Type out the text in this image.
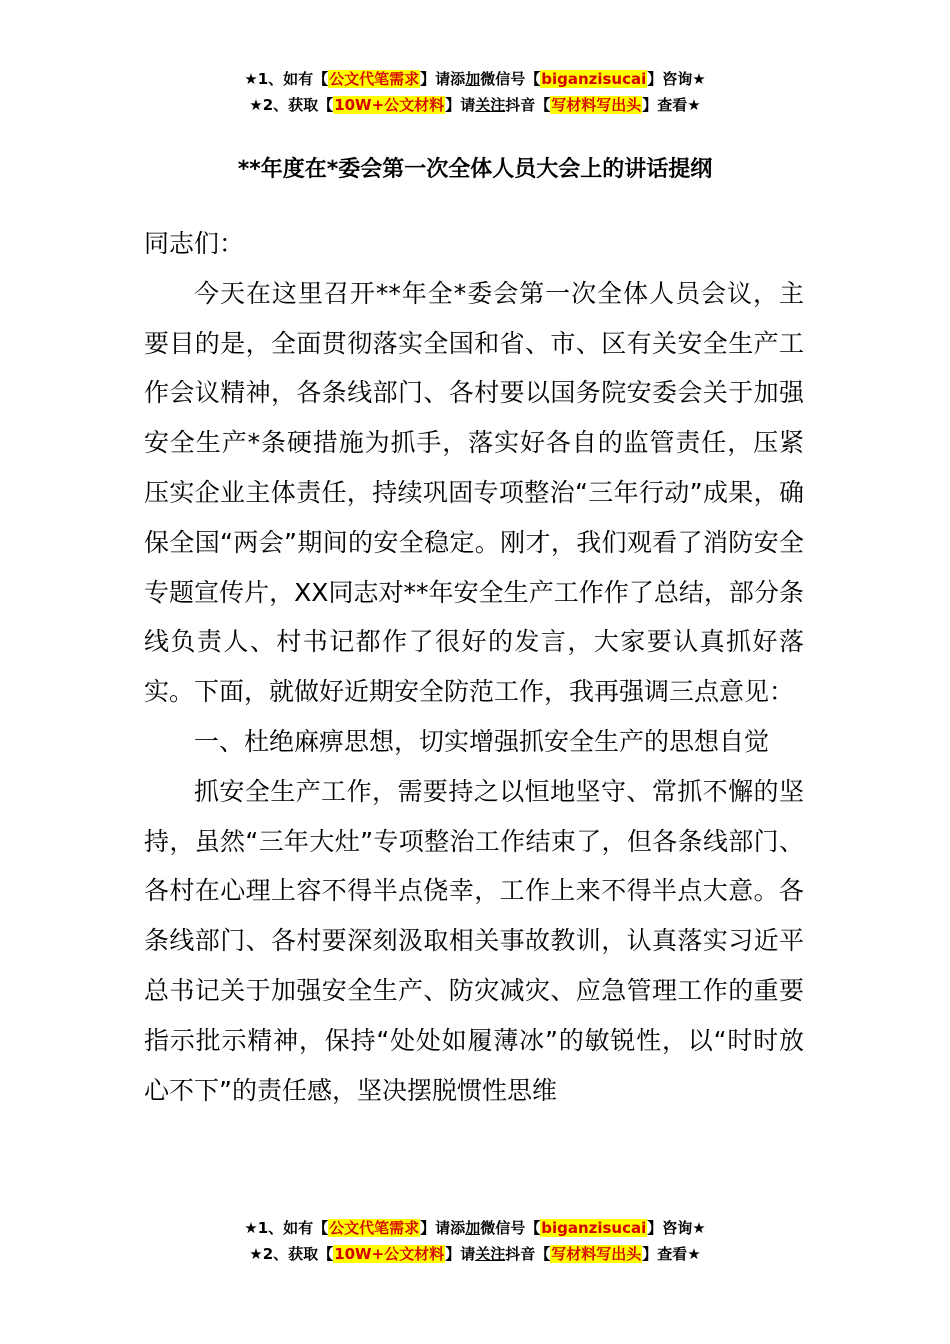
★1、如有【公文代笔需求】请添加微信号【biganzisucai】咨询★
★2、获取【10W+公文材料】请关注抖音【写材料写出头】查看★
**年度在*委会第一次全体人员大会上的讲话提纲

同志们：

今天在这里召开**年全*委会第一次全体人员会议，主要目的是，全面贯彻落实全国和省、市、区有关安全生产工作会议精神，各条线部门、各村要以国务院安委会关于加强安全生产*条硬措施为抓手，落实好各自的监管责任，压紧压实企业主体责任，持续巩固专项整治“三年行动”成果，确保全国“两会”期间的安全稳定。刚才，我们观看了消防安全专题宣传片，XX同志对**年安全生产工作作了总结，部分条线负责人、村书记都作了很好的发言，大家要认真抓好落实。下面，就做好近期安全防范工作，我再强调三点意见：

一、杜绝麻痹思想，切实增强抓安全生产的思想自觉

抓安全生产工作，需要持之以恒地坚守、常抓不懈的坚持，虽然“三年大灶”专项整治工作结束了，但各条线部门、各村在心理上容不得半点侥幸，工作上来不得半点大意。各条线部门、各村要深刻汲取相关事故教训，认真落实习近平总书记关于加强安全生产、防灾减灾、应急管理工作的重要指示批示精神，保持“处处如履薄冰”的敏锐性，以“时时放心不下”的责任感，坚决摆脱惯性思维

★1、如有【公文代笔需求】请添加微信号【biganzisucai】咨询★
★2、获取【10W+公文材料】请关注抖音【写材料写出头】查看★
